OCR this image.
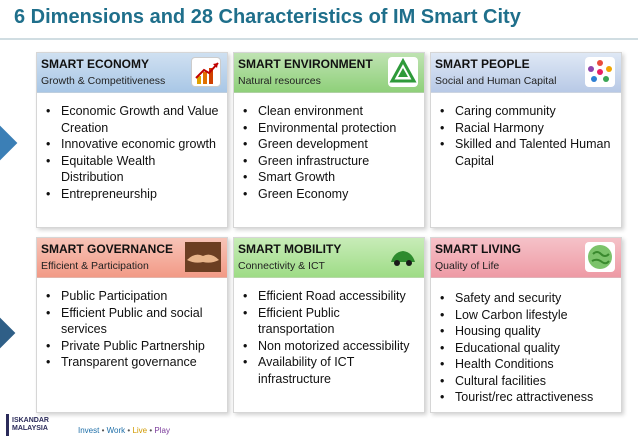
6 Dimensions and 28 Characteristics of IM Smart City
SMART ECONOMY
Growth & Competitiveness
• Economic Growth and Value Creation
• Innovative economic growth
• Equitable Wealth Distribution
• Entrepreneurship
SMART ENVIRONMENT
Natural resources
• Clean environment
• Environmental protection
• Green development
• Green infrastructure
• Smart Growth
• Green Economy
SMART PEOPLE
Social and Human Capital
• Caring community
• Racial Harmony
• Skilled and Talented Human Capital
SMART GOVERNANCE
Efficient & Participation
• Public Participation
• Efficient Public and social services
• Private Public Partnership
• Transparent governance
SMART MOBILITY
Connectivity & ICT
• Efficient Road accessibility
• Efficient Public transportation
• Non motorized accessibility
• Availability of ICT infrastructure
SMART LIVING
Quality of Life
• Safety and security
• Low Carbon lifestyle
• Housing quality
• Educational quality
• Health Conditions
• Cultural facilities
• Tourist/rec attractiveness
ISKANDAR MALAYSIA	Invest • Work • Live • Play
